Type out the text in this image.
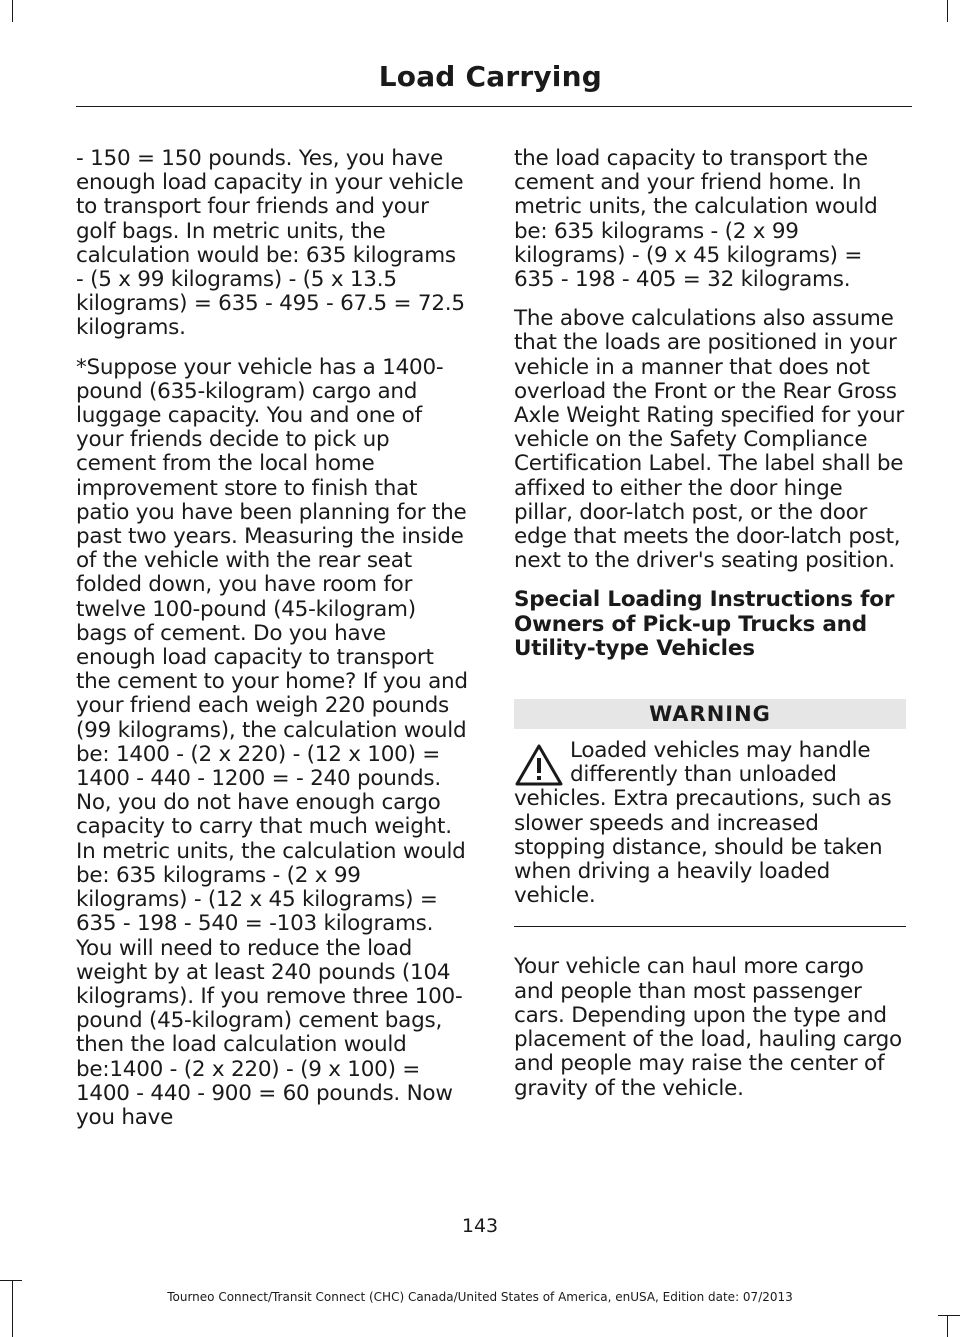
Load Carrying

- 150 = 150 pounds. Yes, you have enough load capacity in your vehicle to transport four friends and your golf bags. In metric units, the calculation would be: 635 kilograms - (5 x 99 kilograms) - (5 x 13.5 kilograms) = 635 - 495 - 67.5 = 72.5 kilograms.

*Suppose your vehicle has a 1400-pound (635-kilogram) cargo and luggage capacity. You and one of your friends decide to pick up cement from the local home improvement store to finish that patio you have been planning for the past two years. Measuring the inside of the vehicle with the rear seat folded down, you have room for twelve 100-pound (45-kilogram) bags of cement. Do you have enough load capacity to transport the cement to your home? If you and your friend each weigh 220 pounds (99 kilograms), the calculation would be: 1400 - (2 x 220) - (12 x 100) = 1400 - 440 - 1200 = - 240 pounds. No, you do not have enough cargo capacity to carry that much weight. In metric units, the calculation would be: 635 kilograms - (2 x 99 kilograms) - (12 x 45 kilograms) = 635 - 198 - 540 = -103 kilograms. You will need to reduce the load weight by at least 240 pounds (104 kilograms). If you remove three 100-pound (45-kilogram) cement bags, then the load calculation would be:1400 - (2 x 220) - (9 x 100) = 1400 - 440 - 900 = 60 pounds. Now you have

the load capacity to transport the cement and your friend home. In metric units, the calculation would be: 635 kilograms - (2 x 99 kilograms) - (9 x 45 kilograms) = 635 - 198 - 405 = 32 kilograms.

The above calculations also assume that the loads are positioned in your vehicle in a manner that does not overload the Front or the Rear Gross Axle Weight Rating specified for your vehicle on the Safety Compliance Certification Label. The label shall be affixed to either the door hinge pillar, door-latch post, or the door edge that meets the door-latch post, next to the driver's seating position.

Special Loading Instructions for Owners of Pick-up Trucks and Utility-type Vehicles
WARNING

Loaded vehicles may handle differently than unloaded vehicles. Extra precautions, such as slower speeds and increased stopping distance, should be taken when driving a heavily loaded vehicle.

Your vehicle can haul more cargo and people than most passenger cars. Depending upon the type and placement of the load, hauling cargo and people may raise the center of gravity of the vehicle.

143
Tourneo Connect/Transit Connect (CHC) Canada/United States of America, enUSA, Edition date: 07/2013
